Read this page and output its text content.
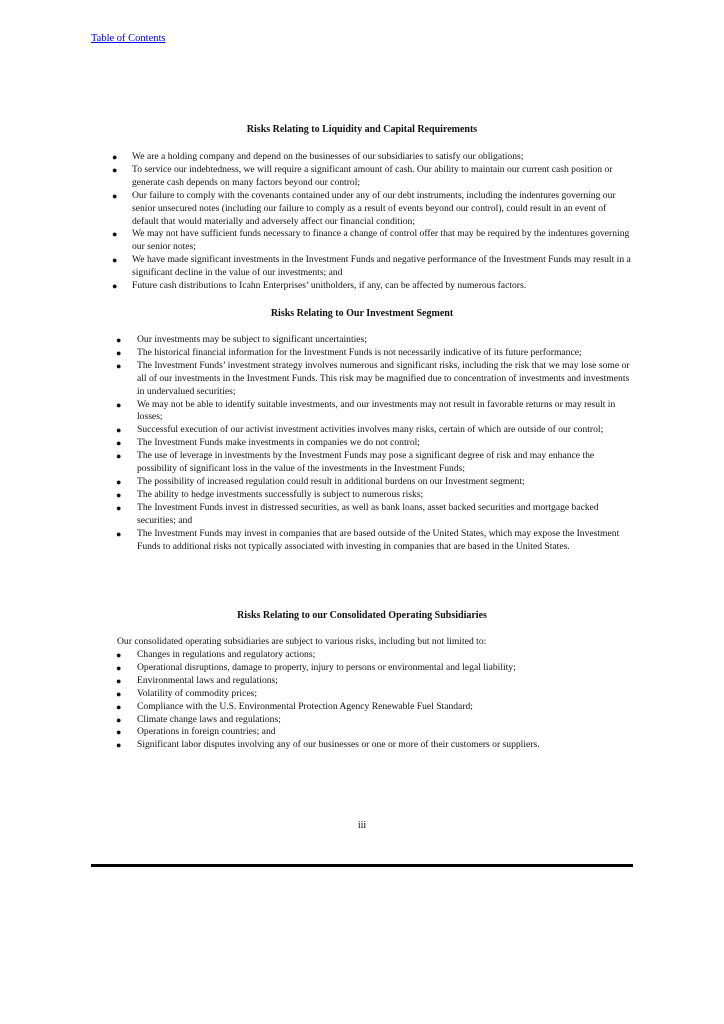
Table of Contents
Risks Relating to Liquidity and Capital Requirements
● We are a holding company and depend on the businesses of our subsidiaries to satisfy our obligations;
● To service our indebtedness, we will require a significant amount of cash. Our ability to maintain our current cash position or generate cash depends on many factors beyond our control;
● Our failure to comply with the covenants contained under any of our debt instruments, including the indentures governing our senior unsecured notes (including our failure to comply as a result of events beyond our control), could result in an event of default that would materially and adversely affect our financial condition;
● We may not have sufficient funds necessary to finance a change of control offer that may be required by the indentures governing our senior notes;
● We have made significant investments in the Investment Funds and negative performance of the Investment Funds may result in a significant decline in the value of our investments; and
● Future cash distributions to Icahn Enterprises’ unitholders, if any, can be affected by numerous factors.
Risks Relating to Our Investment Segment
● Our investments may be subject to significant uncertainties;
● The historical financial information for the Investment Funds is not necessarily indicative of its future performance;
● The Investment Funds’ investment strategy involves numerous and significant risks, including the risk that we may lose some or all of our investments in the Investment Funds. This risk may be magnified due to concentration of investments and investments in undervalued securities;
● We may not be able to identify suitable investments, and our investments may not result in favorable returns or may result in losses;
● Successful execution of our activist investment activities involves many risks, certain of which are outside of our control;
● The Investment Funds make investments in companies we do not control;
● The use of leverage in investments by the Investment Funds may pose a significant degree of risk and may enhance the possibility of significant loss in the value of the investments in the Investment Funds;
● The possibility of increased regulation could result in additional burdens on our Investment segment;
● The ability to hedge investments successfully is subject to numerous risks;
● The Investment Funds invest in distressed securities, as well as bank loans, asset backed securities and mortgage backed securities; and
● The Investment Funds may invest in companies that are based outside of the United States, which may expose the Investment Funds to additional risks not typically associated with investing in companies that are based in the United States.
Risks Relating to our Consolidated Operating Subsidiaries
Our consolidated operating subsidiaries are subject to various risks, including but not limited to:
● Changes in regulations and regulatory actions;
● Operational disruptions, damage to property, injury to persons or environmental and legal liability;
● Environmental laws and regulations;
● Volatility of commodity prices;
● Compliance with the U.S. Environmental Protection Agency Renewable Fuel Standard;
● Climate change laws and regulations;
● Operations in foreign countries; and
● Significant labor disputes involving any of our businesses or one or more of their customers or suppliers.
iii
